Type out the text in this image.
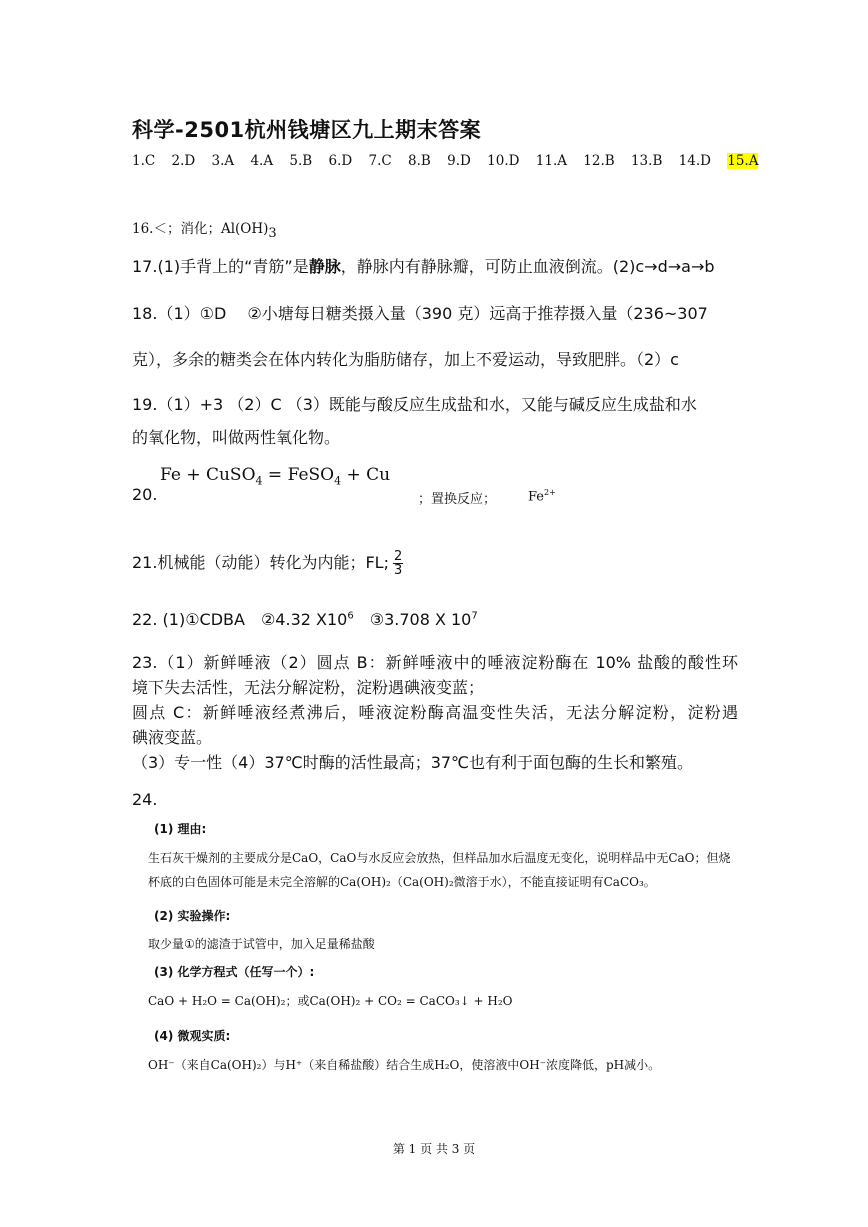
科学-2501杭州钱塘区九上期末答案
1.C 2.D 3.A 4.A 5.B 6.D 7.C 8.B 9.D 10.D 11.A 12.B 13.B 14.D 15.A
16.＜；消化；$Al(OH)_3$
17.(1)手背上的“青筋”是静脉，静脉内有静脉瓣，可防止血液倒流。(2)c→d→a→b
18.（1）①D　 ②小塘每日糖类摄入量（390 克）远高于推荐摄入量（236~307
克），多余的糖类会在体内转化为脂肪储存，加上不爱运动，导致肥胖。（2）c
19.（1）+3 （2）C （3）既能与酸反应生成盐和水，又能与碱反应生成盐和水
的氧化物，叫做两性氧化物。
20.
Fe + CuSO$_4$ = FeSO$_4$ + Cu
；置换反应； $Fe^{2+}$
21.机械能（动能）转化为内能；FL; $\frac{2}{3}$
22. (1)①CDBA　②4.32 $X10^6$　③3.708 X $10^7$

23.（1）新鲜唾液（2）圆点 B：新鲜唾液中的唾液淀粉酶在 10% 盐酸的酸性环

境下失去活性，无法分解淀粉，淀粉遇碘液变蓝；

圆点 C：新鲜唾液经煮沸后，唾液淀粉酶高温变性失活，无法分解淀粉，淀粉遇

碘液变蓝。

（3）专一性（4）37℃时酶的活性最高；37℃也有利于面包酶的生长和繁殖。

24.
(1) 理由:
生石灰干燥剂的主要成分是CaO，CaO与水反应会放热，但样品加水后温度无变化，说明样品中无CaO；但烧
杯底的白色固体可能是未完全溶解的Ca(OH)₂（Ca(OH)₂微溶于水），不能直接证明有CaCO₃。
(2) 实验操作:
取少量①的滤渣于试管中，加入足量稀盐酸
(3) 化学方程式（任写一个）:
CaO + H₂O = Ca(OH)₂；或Ca(OH)₂ + CO₂ = CaCO₃↓ + H₂O
(4) 微观实质:
OH⁻（来自Ca(OH)₂）与H⁺（来自稀盐酸）结合生成H₂O，使溶液中OH⁻浓度降低，pH减小。
第 1 页 共 3 页
